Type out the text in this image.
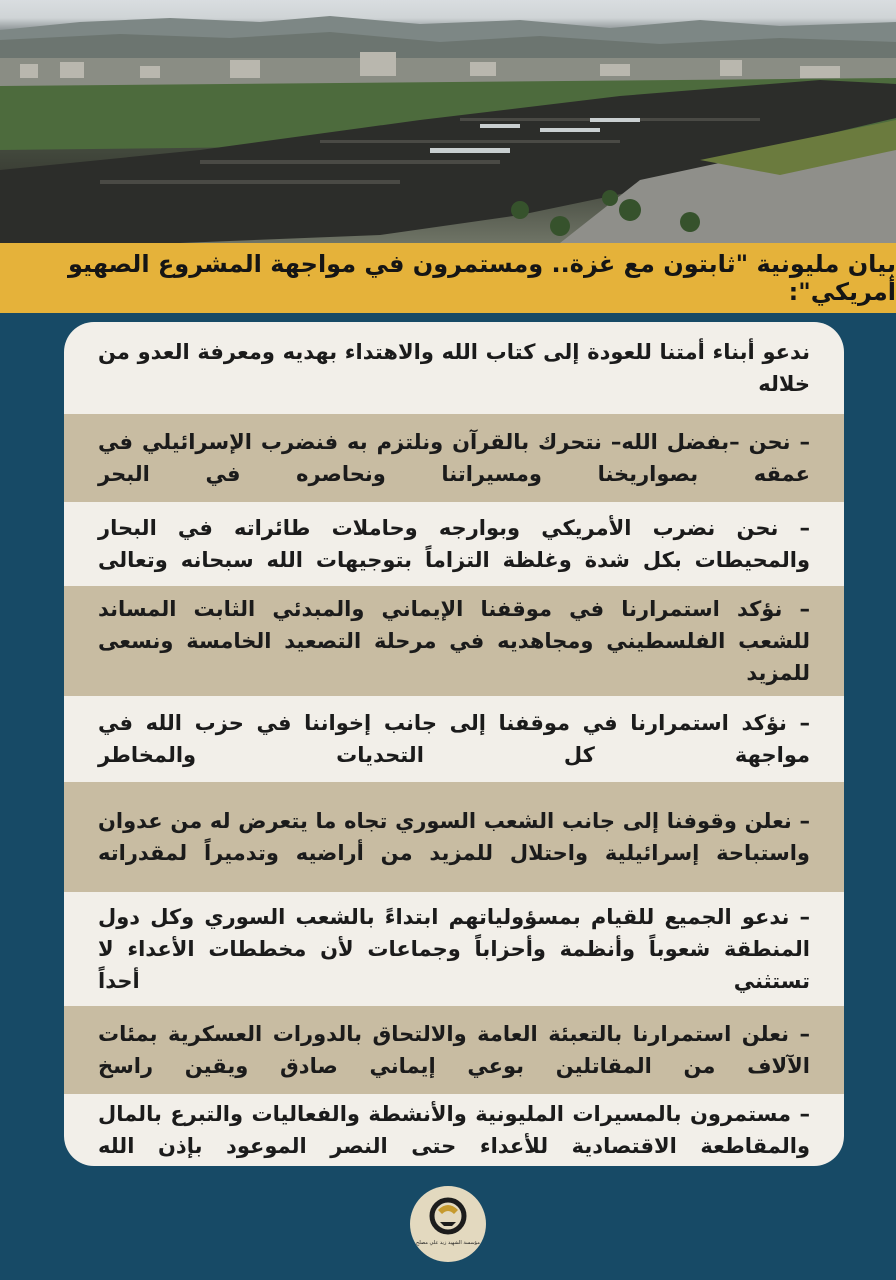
بيان مليونية "ثابتون مع غزة.. ومستمرون في مواجهة المشروع الصهيو أمريكي":

ندعو أبناء أمتنا للعودة إلى كتاب الله والاهتداء بهديه ومعرفة العدو من خلاله

– نحن –بفضل الله– نتحرك بالقرآن ونلتزم به فنضرب الإسرائيلي في عمقه بصواريخنا ومسيراتنا ونحاصره في البحر

– نحن نضرب الأمريكي وبوارجه وحاملات طائراته في البحار والمحيطات بكل شدة وغلظة التزاماً بتوجيهات الله سبحانه وتعالى

– نؤكد استمرارنا في موقفنا الإيماني والمبدئي الثابت المساند للشعب الفلسطيني ومجاهديه في مرحلة التصعيد الخامسة ونسعى للمزيد

– نؤكد استمرارنا في موقفنا إلى جانب إخواننا في حزب الله في مواجهة كل التحديات والمخاطر

– نعلن وقوفنا إلى جانب الشعب السوري تجاه ما يتعرض له من عدوان واستباحة إسرائيلية واحتلال للمزيد من أراضيه وتدميراً لمقدراته

– ندعو الجميع للقيام بمسؤولياتهم ابتداءً بالشعب السوري وكل دول المنطقة شعوباً وأنظمة وأحزاباً وجماعات لأن مخططات الأعداء لا تستثني أحداً

– نعلن استمرارنا بالتعبئة العامة والالتحاق بالدورات العسكرية بمئات الآلاف من المقاتلين بوعي إيماني صادق ويقين راسخ

– مستمرون بالمسيرات المليونية والأنشطة والفعاليات والتبرع بالمال والمقاطعة الاقتصادية للأعداء حتى النصر الموعود بإذن الله

مؤسسة الشهيد زيد علي مصلح
